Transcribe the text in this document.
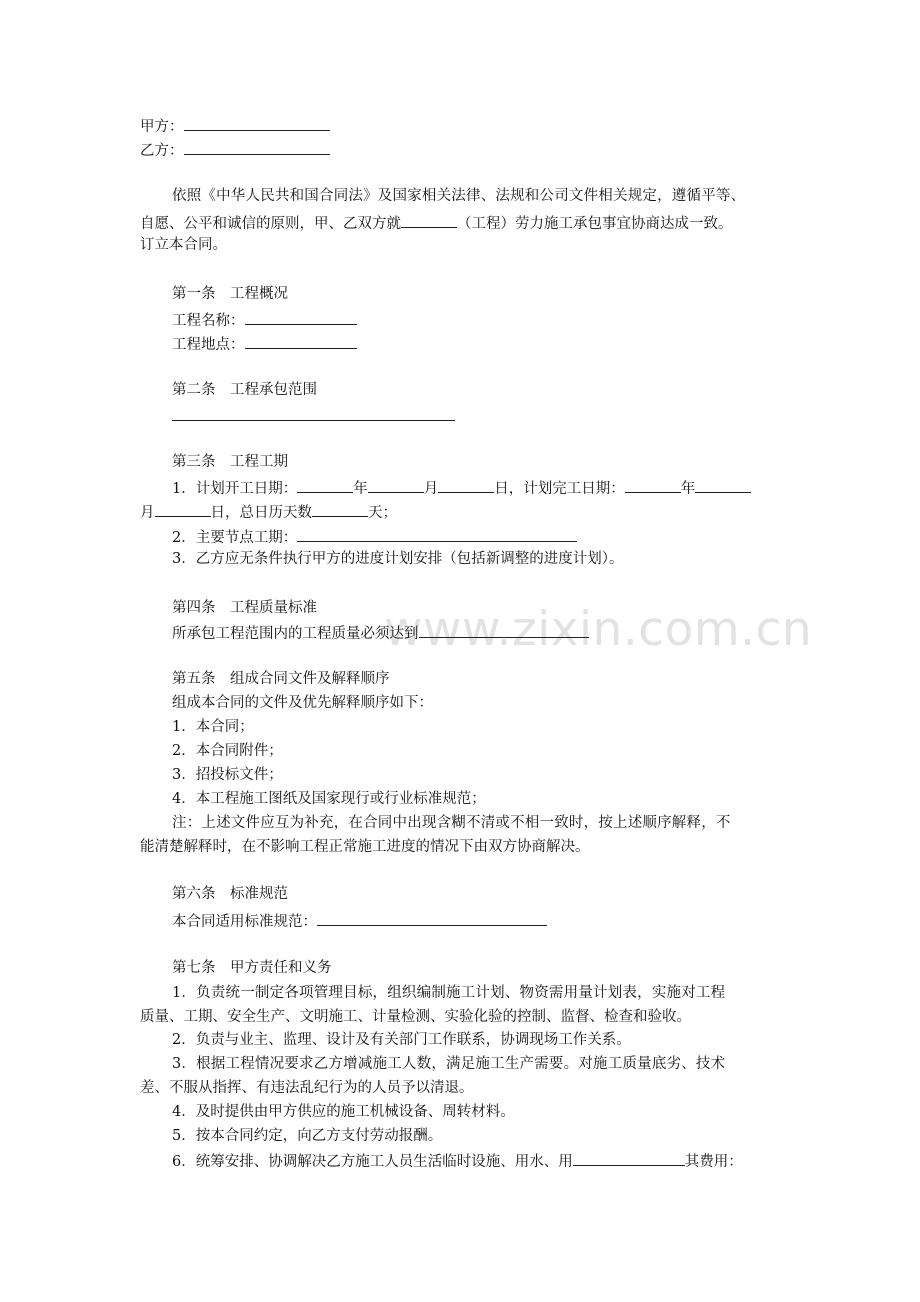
www.zixin.com.cn
甲方：
乙方：
依照《中华人民共和国合同法》及国家相关法律、法规和公司文件相关规定，遵循平等、
自愿、公平和诚信的原则，甲、乙双方就	（工程）劳力施工承包事宜协商达成一致。
订立本合同。
第一条　工程概况
工程名称：
工程地点：
第二条　工程承包范围
第三条　工程工期
1．计划开工日期：	年	月	日，计划完工日期：	年
月	日，总日历天数	天；
2．主要节点工期：
3．乙方应无条件执行甲方的进度计划安排（包括新调整的进度计划）。
第四条　工程质量标准
所承包工程范围内的工程质量必须达到
第五条　组成合同文件及解释顺序
组成本合同的文件及优先解释顺序如下：
1．本合同；
2．本合同附件；
3．招投标文件；
4．本工程施工图纸及国家现行或行业标准规范；
注：上述文件应互为补充，在合同中出现含糊不清或不相一致时，按上述顺序解释，不
能清楚解释时，在不影响工程正常施工进度的情况下由双方协商解决。
第六条　标准规范
本合同适用标准规范：
第七条　甲方责任和义务
1．负责统一制定各项管理目标，组织编制施工计划、物资需用量计划表，实施对工程
质量、工期、安全生产、文明施工、计量检测、实验化验的控制、监督、检查和验收。
2．负责与业主、监理、设计及有关部门工作联系，协调现场工作关系。
3．根据工程情况要求乙方增减施工人数，满足施工生产需要。对施工质量底劣、技术
差、不服从指挥、有违法乱纪行为的人员予以清退。
4．及时提供由甲方供应的施工机械设备、周转材料。
5．按本合同约定，向乙方支付劳动报酬。
6．统筹安排、协调解决乙方施工人员生活临时设施、用水、用	其费用：
